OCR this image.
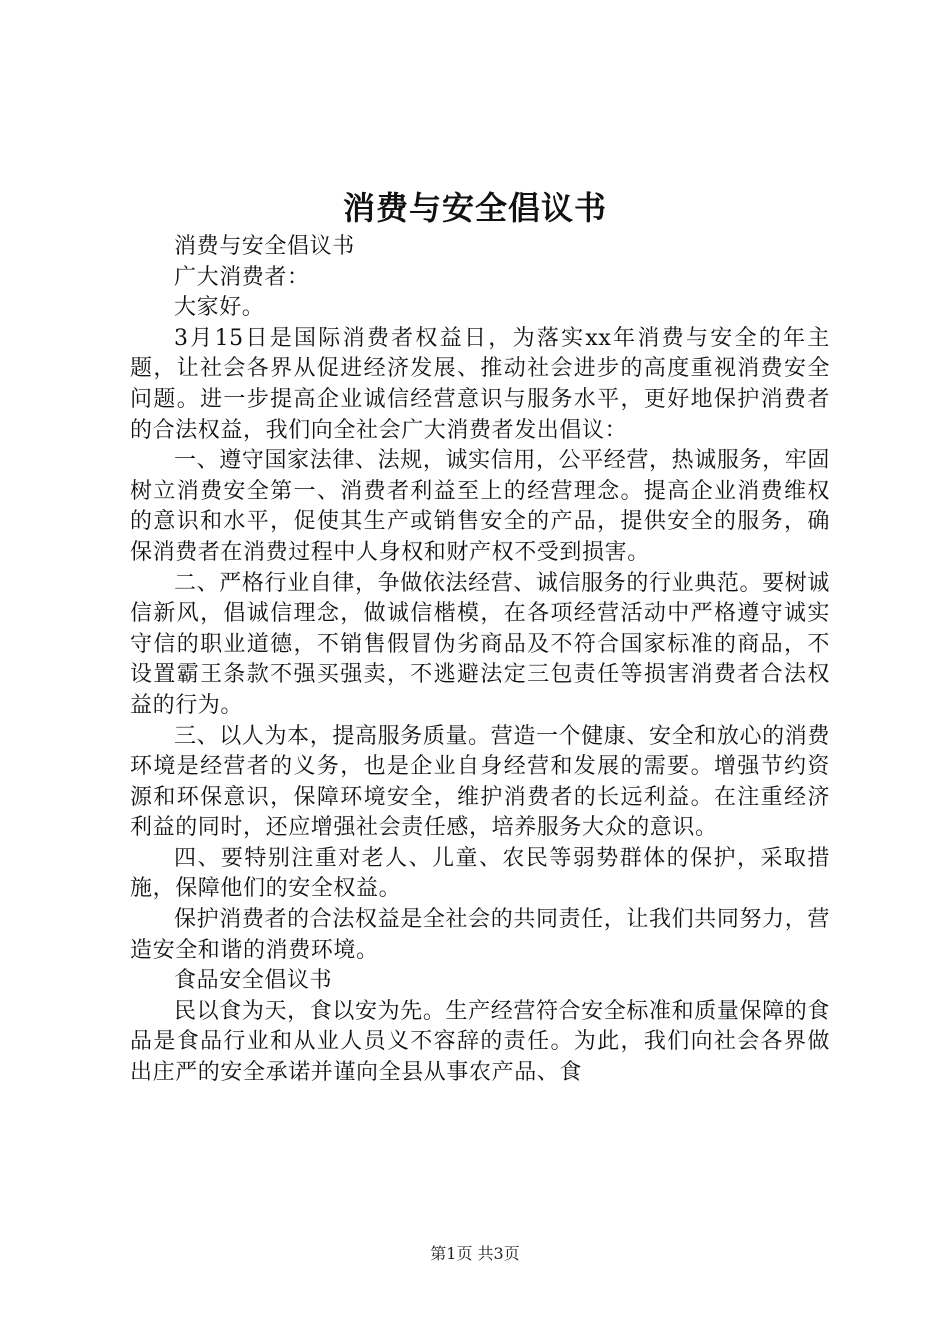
消费与安全倡议书

消费与安全倡议书

广大消费者：

大家好。

3月15日是国际消费者权益日，为落实xx年消费与安全的年主题，让社会各界从促进经济发展、推动社会进步的高度重视消费安全问题。进一步提高企业诚信经营意识与服务水平，更好地保护消费者的合法权益，我们向全社会广大消费者发出倡议：

一、遵守国家法律、法规，诚实信用，公平经营，热诚服务，牢固树立消费安全第一、消费者利益至上的经营理念。提高企业消费维权的意识和水平，促使其生产或销售安全的产品，提供安全的服务，确保消费者在消费过程中人身权和财产权不受到损害。

二、严格行业自律，争做依法经营、诚信服务的行业典范。要树诚信新风，倡诚信理念，做诚信楷模，在各项经营活动中严格遵守诚实守信的职业道德，不销售假冒伪劣商品及不符合国家标准的商品，不设置霸王条款不强买强卖，不逃避法定三包责任等损害消费者合法权益的行为。

三、以人为本，提高服务质量。营造一个健康、安全和放心的消费环境是经营者的义务，也是企业自身经营和发展的需要。增强节约资源和环保意识，保障环境安全，维护消费者的长远利益。在注重经济利益的同时，还应增强社会责任感，培养服务大众的意识。

四、要特别注重对老人、儿童、农民等弱势群体的保护，采取措施，保障他们的安全权益。

保护消费者的合法权益是全社会的共同责任，让我们共同努力，营造安全和谐的消费环境。

食品安全倡议书

民以食为天，食以安为先。生产经营符合安全标准和质量保障的食品是食品行业和从业人员义不容辞的责任。为此，我们向社会各界做出庄严的安全承诺并谨向全县从事农产品、食

第1页 共3页
